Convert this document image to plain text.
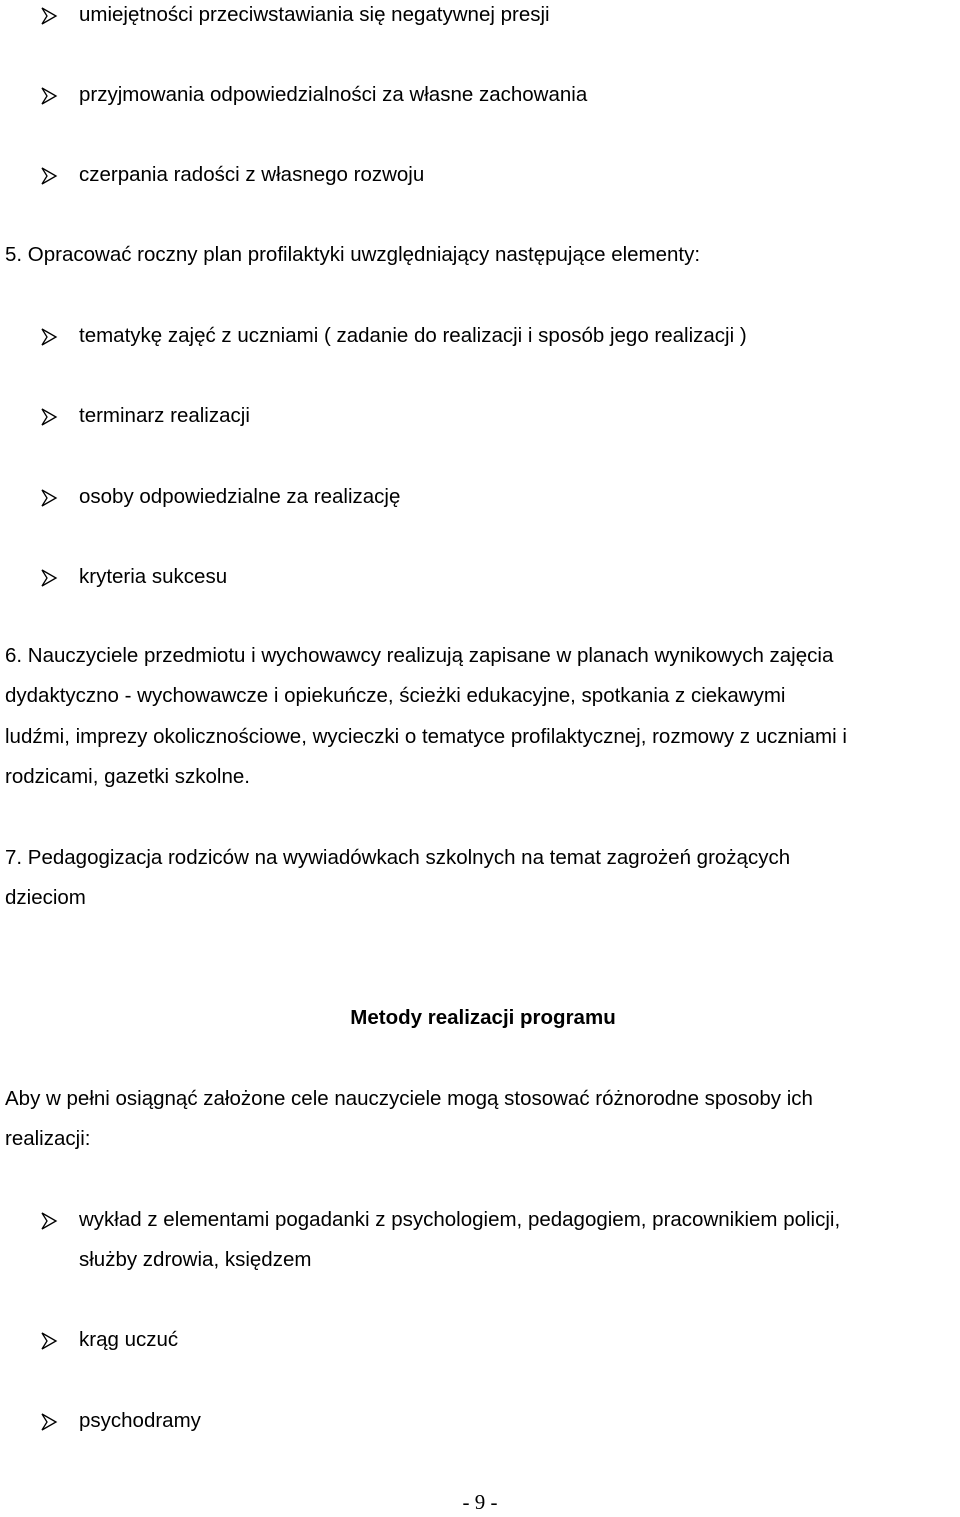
umiejętności przeciwstawiania się negatywnej presji
przyjmowania odpowiedzialności za własne zachowania
czerpania radości z własnego rozwoju
5. Opracować roczny plan profilaktyki uwzględniający następujące elementy:
tematykę zajęć z uczniami ( zadanie do realizacji i sposób jego realizacji )
terminarz realizacji
osoby odpowiedzialne za realizację
kryteria sukcesu
6. Nauczyciele przedmiotu i wychowawcy realizują zapisane w planach wynikowych zajęcia
dydaktyczno - wychowawcze i opiekuńcze, ścieżki edukacyjne, spotkania z ciekawymi
ludźmi, imprezy okolicznościowe, wycieczki o tematyce profilaktycznej, rozmowy z uczniami i
rodzicami, gazetki szkolne.
7. Pedagogizacja rodziców na wywiadówkach szkolnych na temat zagrożeń grożących
dzieciom
Metody realizacji programu
Aby w pełni osiągnąć założone cele nauczyciele mogą stosować różnorodne sposoby ich
realizacji:
wykład z elementami pogadanki z psychologiem, pedagogiem, pracownikiem policji,
służby zdrowia, księdzem
krąg uczuć
psychodramy
- 9 -
